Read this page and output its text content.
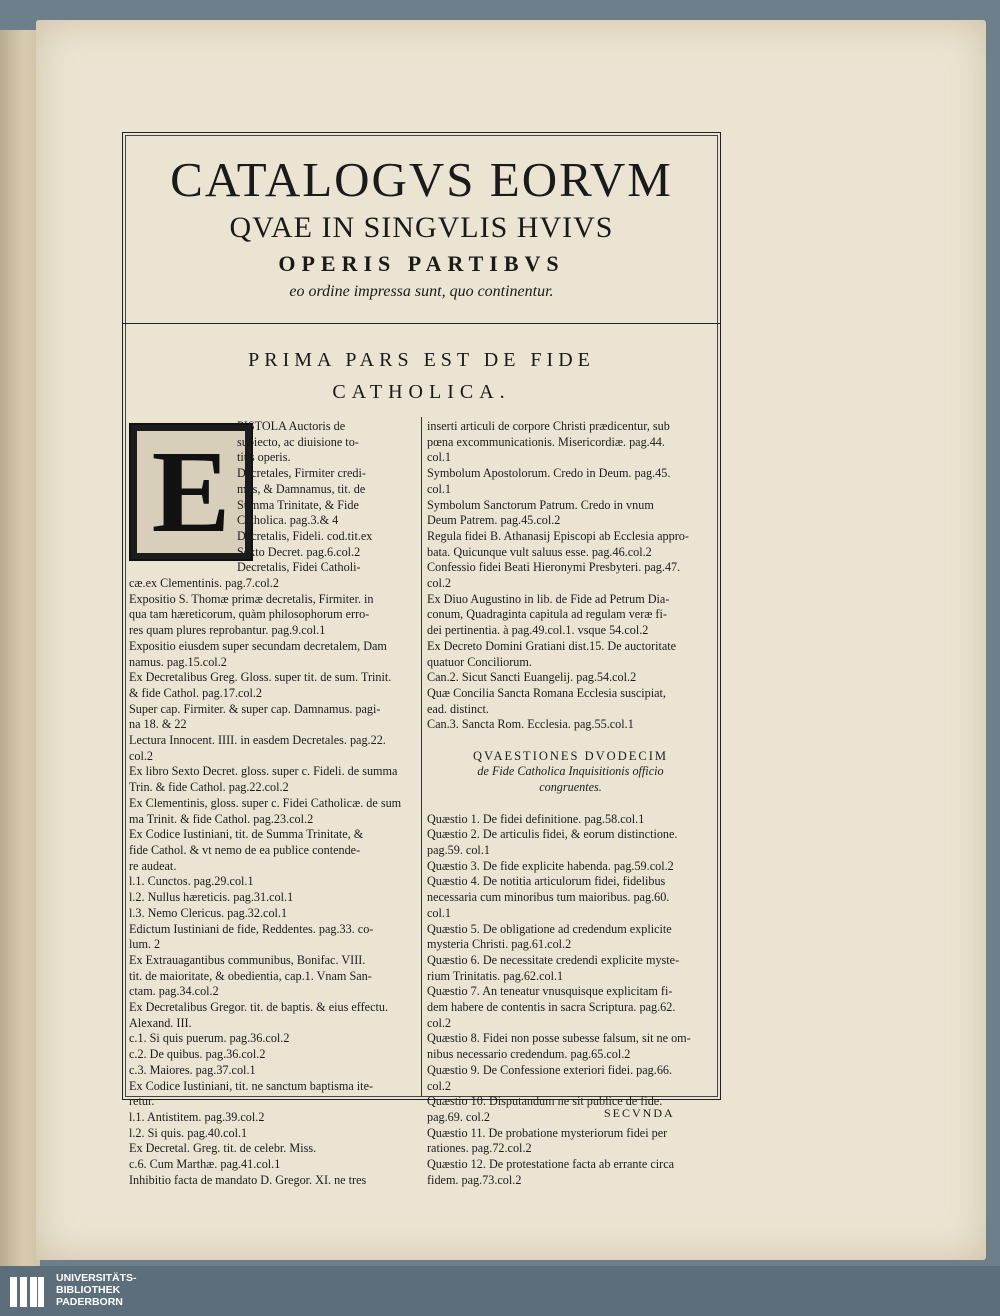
CATALOGVS EORVM
QVAE IN SINGVLIS HVIVS
OPERIS PARTIBVS
eo ordine impressa sunt, quo continentur.
PRIMA PARS EST DE FIDE
CATHOLICA.
E PISTOLA Auctoris de
subiecto, ac diuisione to-
tius operis.
Decretales, Firmiter credi-
mus, & Damnamus, tit. de
Summa Trinitate, & Fide
Catholica. pag.3.& 4
Decretalis, Fideli. cod.tit.ex
Sexto Decret. pag.6.col.2
Decretalis, Fidei Catholi-
cæ.ex Clementinis. pag.7.col.2
Expositio S. Thomæ primæ decretalis, Firmiter. in
qua tam hæreticorum, quàm philosophorum erro-
res quam plures reprobantur. pag.9.col.1
Expositio eiusdem super secundam decretalem, Dam
namus. pag.15.col.2
Ex Decretalibus Greg. Gloss. super tit. de sum. Trinit.
& fide Cathol. pag.17.col.2
Super cap. Firmiter. & super cap. Damnamus. pagi-
na 18. & 22
Lectura Innocent. IIII. in easdem Decretales. pag.22.
col.2
Ex libro Sexto Decret. gloss. super c. Fideli. de summa
Trin. & fide Cathol. pag.22.col.2
Ex Clementinis, gloss. super c. Fidei Catholicæ. de sum
ma Trinit. & fide Cathol. pag.23.col.2
Ex Codice Iustiniani, tit. de Summa Trinitate, &
fide Cathol. & vt nemo de ea publice contende-
re audeat.
l.1. Cunctos. pag.29.col.1
l.2. Nullus hæreticis. pag.31.col.1
l.3. Nemo Clericus. pag.32.col.1
Edictum Iustiniani de fide, Reddentes. pag.33. co-
lum. 2
Ex Extrauagantibus communibus, Bonifac. VIII.
tit. de maioritate, & obedientia, cap.1. Vnam San-
ctam. pag.34.col.2
Ex Decretalibus Gregor. tit. de baptis. & eius effectu.
Alexand. III.
c.1. Si quis puerum. pag.36.col.2
c.2. De quibus. pag.36.col.2
c.3. Maiores. pag.37.col.1
Ex Codice Iustiniani, tit. ne sanctum baptisma ite-
retur.
l.1. Antistitem. pag.39.col.2
l.2. Si quis. pag.40.col.1
Ex Decretal. Greg. tit. de celebr. Miss.
c.6. Cum Marthæ. pag.41.col.1
Inhibitio facta de mandato D. Gregor. XI. ne tres
inserti articuli de corpore Christi prædicentur, sub
pœna excommunicationis. Misericordiæ. pag.44.
col.1
Symbolum Apostolorum. Credo in Deum. pag.45.
col.1
Symbolum Sanctorum Patrum. Credo in vnum
Deum Patrem. pag.45.col.2
Regula fidei B. Athanasij Episcopi ab Ecclesia appro-
bata. Quicunque vult saluus esse. pag.46.col.2
Confessio fidei Beati Hieronymi Presbyteri. pag.47.
col.2
Ex Diuo Augustino in lib. de Fide ad Petrum Dia-
conum, Quadraginta capitula ad regulam veræ fi-
dei pertinentia. à pag.49.col.1. vsque 54.col.2
Ex Decreto Domini Gratiani dist.15. De auctoritate
quatuor Conciliorum.
Can.2. Sicut Sancti Euangelij. pag.54.col.2
Quæ Concilia Sancta Romana Ecclesia suscipiat,
ead. distinct.
Can.3. Sancta Rom. Ecclesia. pag.55.col.1

QVAESTIONES DVODECIM
de Fide Catholica Inquisitionis officio
congruentes.

Quæstio 1. De fidei definitione. pag.58.col.1
Quæstio 2. De articulis fidei, & eorum distinctione.
pag.59. col.1
Quæstio 3. De fide explicite habenda. pag.59.col.2
Quæstio 4. De notitia articulorum fidei, fidelibus
necessaria cum minoribus tum maioribus. pag.60.
col.1
Quæstio 5. De obligatione ad credendum explicite
mysteria Christi. pag.61.col.2
Quæstio 6. De necessitate credendi explicite myste-
rium Trinitatis. pag.62.col.1
Quæstio 7. An teneatur vnusquisque explicitam fi-
dem habere de contentis in sacra Scriptura. pag.62.
col.2
Quæstio 8. Fidei non posse subesse falsum, sit ne om-
nibus necessario credendum. pag.65.col.2
Quæstio 9. De Confessione exteriori fidei. pag.66.
col.2
Quæstio 10. Disputandum ne sit publice de fide.
pag.69. col.2
Quæstio 11. De probatione mysteriorum fidei per
rationes. pag.72.col.2
Quæstio 12. De protestatione facta ab errante circa
fidem. pag.73.col.2
SECVNDA
UNIVERSITÄTS-
BIBLIOTHEK
PADERBORN
